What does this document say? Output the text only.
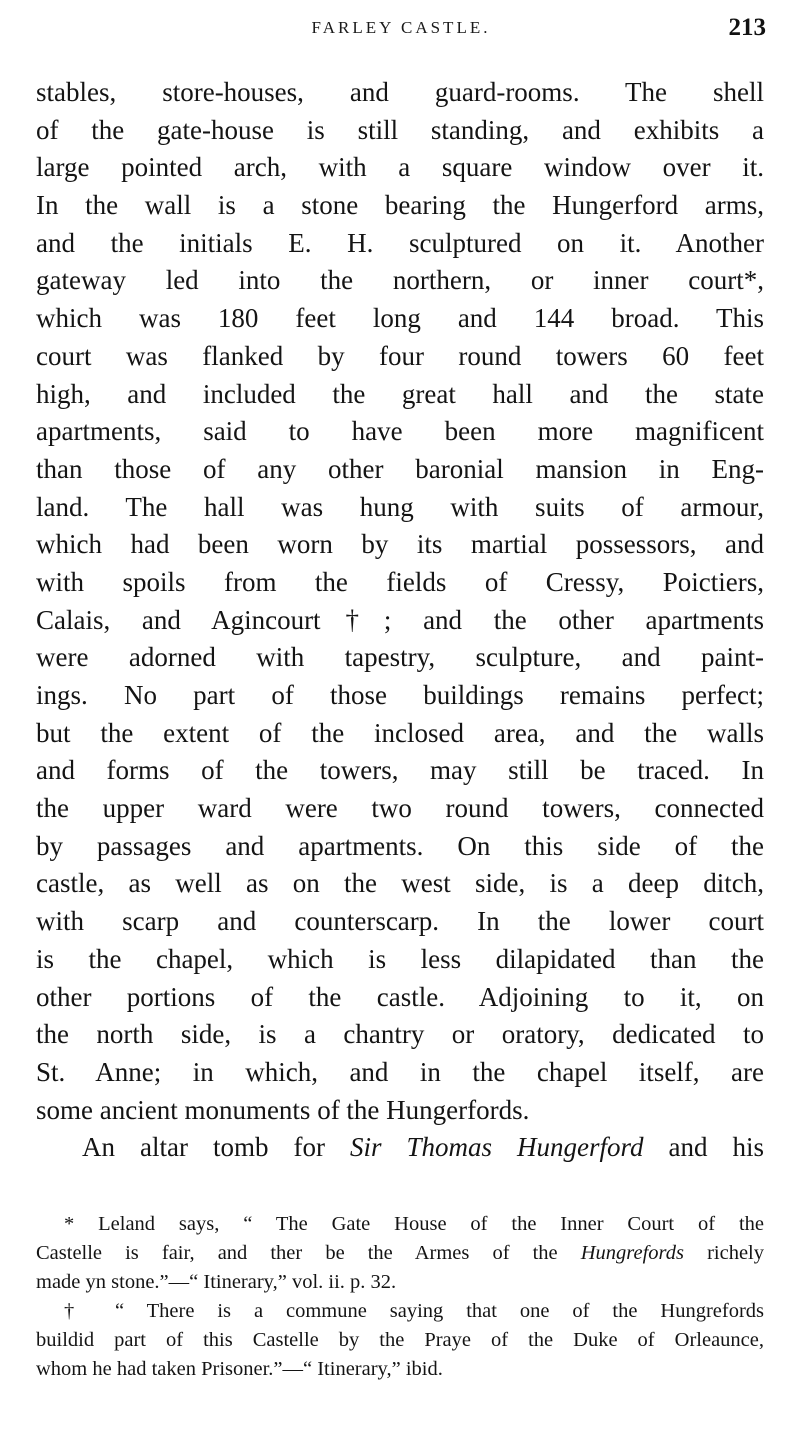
FARLEY CASTLE.	213
stables, store-houses, and guard-rooms. The shell
of the gate-house is still standing, and exhibits a
large pointed arch, with a square window over it.
In the wall is a stone bearing the Hungerford arms,
and the initials E. H. sculptured on it. Another
gateway led into the northern, or inner court*,
which was 180 feet long and 144 broad. This
court was flanked by four round towers 60 feet
high, and included the great hall and the state
apartments, said to have been more magnificent
than those of any other baronial mansion in Eng-
land. The hall was hung with suits of armour,
which had been worn by its martial possessors, and
with spoils from the fields of Cressy, Poictiers,
Calais, and Agincourt†; and the other apartments
were adorned with tapestry, sculpture, and paint-
ings. No part of those buildings remains perfect;
but the extent of the inclosed area, and the walls
and forms of the towers, may still be traced. In
the upper ward were two round towers, connected
by passages and apartments. On this side of the
castle, as well as on the west side, is a deep ditch,
with scarp and counterscarp. In the lower court
is the chapel, which is less dilapidated than the
other portions of the castle. Adjoining to it, on
the north side, is a chantry or oratory, dedicated to
St. Anne; in which, and in the chapel itself, are
some ancient monuments of the Hungerfords.
An altar tomb for Sir Thomas Hungerford and his
* Leland says, “ The Gate House of the Inner Court of the
Castelle is fair, and ther be the Armes of the Hungrefords richely
made yn stone.”—“ Itinerary,” vol. ii. p. 32.
† “ There is a commune saying that one of the Hungrefords
buildid part of this Castelle by the Praye of the Duke of Orleaunce,
whom he had taken Prisoner.”—“ Itinerary,” ibid.
